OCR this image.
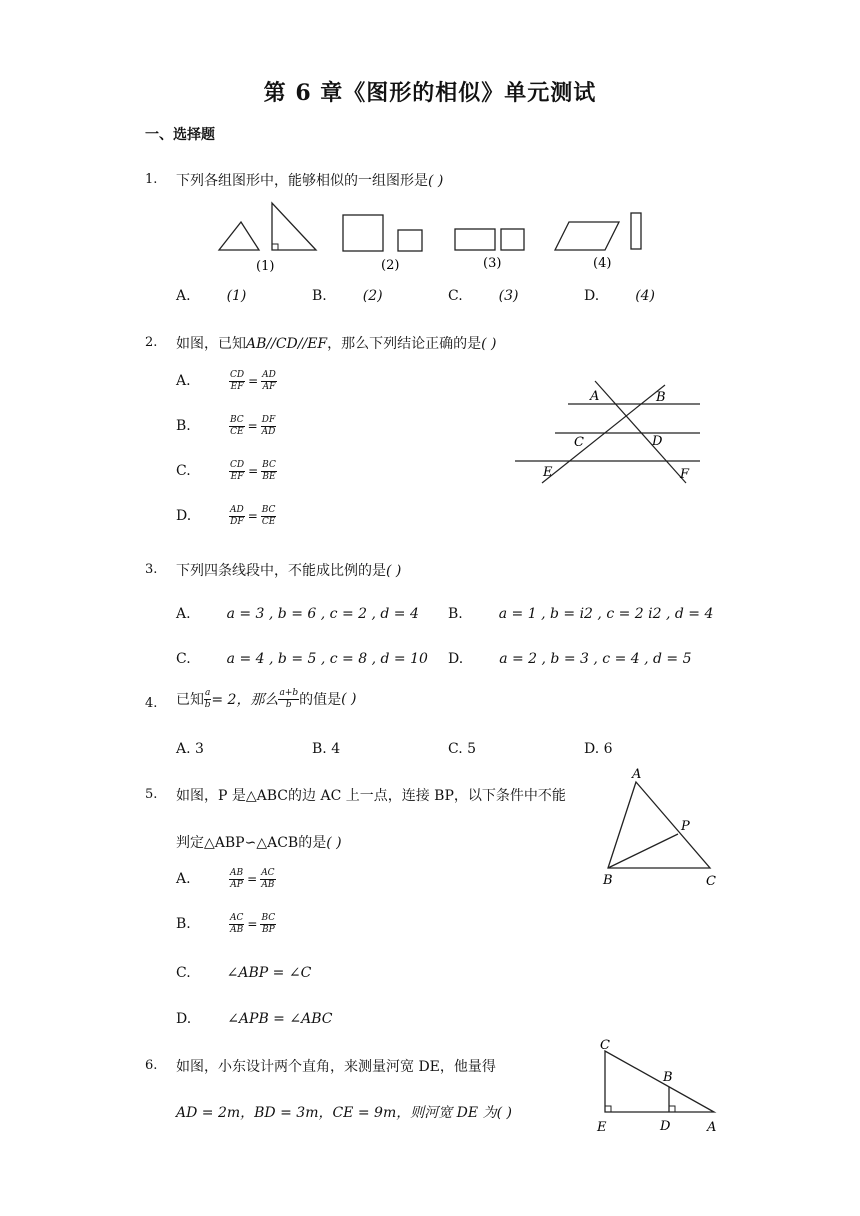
第 6 章《图形的相似》单元测试
一、选择题
1. 下列各组图形中，能够相似的一组图形是( )
(1)	(2)	(3)	(4)
A.	(1)	B.	(2)	C.	(3)	D.	(4)
2. 如图，已知AB//CD//EF，那么下列结论正确的是( )
A.	$\frac{CD}{EF} = \frac{AD}{AF}$
B.	$\frac{BC}{CE} = \frac{DF}{AD}$
C.	$\frac{CD}{EF} = \frac{BC}{BE}$
D.	$\frac{AD}{DF} = \frac{BC}{CE}$
A	B
C	D
E	F
3. 下列四条线段中，不能成比例的是( )
A.	a = 3 , b = 6 , c = 2 , d = 4 B.	a = 1 , b = i2 , c = 2 i2 , d = 4
C.	a = 4 , b = 5 , c = 8 , d = 10 D.	a = 2 , b = 3 , c = 4 , d = 5
4. 已知 $\frac{a}{b} = 2$，那么 $\frac{a+b}{b}$ 的值是 ( )
A. 3	B. 4	C. 5	D. 6
5. 如图，P 是△ABC的边 AC 上一点，连接 BP，以下条件中不能
判定△ABP∽△ACB的是( )
A.	$\frac{AB}{AP} = \frac{AC}{AB}$
B.	$\frac{AC}{AB} = \frac{BC}{BP}$
C.	∠ABP = ∠C
D.	∠APB = ∠ABC
A
B	C
P
6. 如图，小东设计两个直角，来测量河宽 DE，他量得
AD = 2m，BD = 3m，CE = 9m，则河宽 DE 为( )
C
B
E	D	A
